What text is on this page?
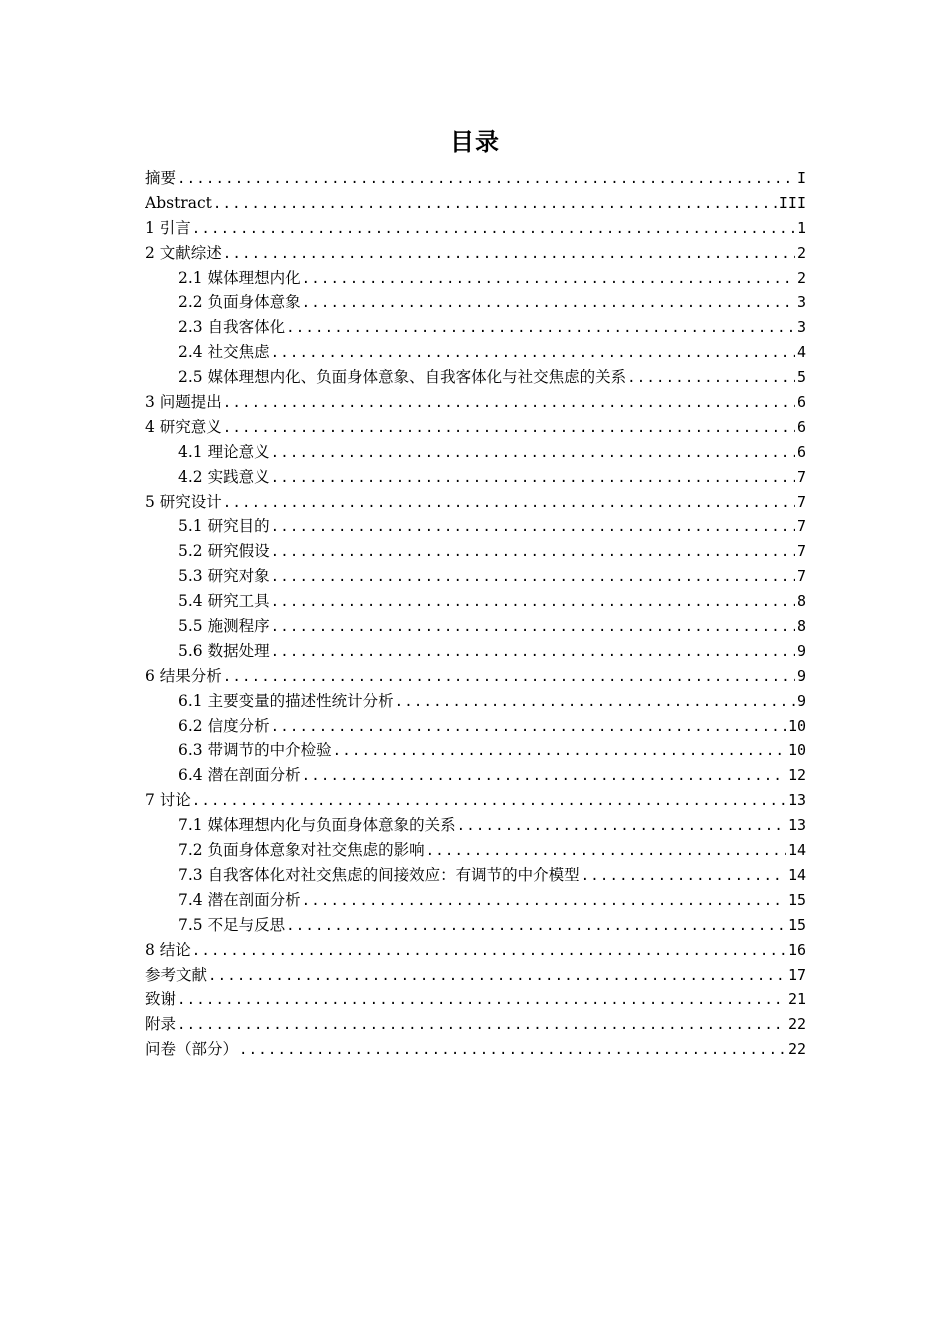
目录
摘要 .....	I
Abstract .....	III
1 引言 .....	1
2 文献综述 .....	2
2.1 媒体理想内化 .....	2
2.2 负面身体意象 .....	3
2.3 自我客体化 .....	3
2.4 社交焦虑 .....	4
2.5 媒体理想内化、负面身体意象、自我客体化与社交焦虑的关系 .....	5
3 问题提出 .....	6
4 研究意义 .....	6
4.1 理论意义 .....	6
4.2 实践意义 .....	7
5 研究设计 .....	7
5.1 研究目的 .....	7
5.2 研究假设 .....	7
5.3 研究对象 .....	7
5.4 研究工具 .....	8
5.5 施测程序 .....	8
5.6 数据处理 .....	9
6 结果分析 .....	9
6.1 主要变量的描述性统计分析 .....	9
6.2 信度分析 .....	10
6.3 带调节的中介检验 .....	10
6.4 潜在剖面分析 .....	12
7 讨论 .....	13
7.1 媒体理想内化与负面身体意象的关系 .....	13
7.2 负面身体意象对社交焦虑的影响 .....	14
7.3 自我客体化对社交焦虑的间接效应：有调节的中介模型 .....	14
7.4 潜在剖面分析 .....	15
7.5 不足与反思 .....	15
8 结论 .....	16
参考文献 .....	17
致谢 .....	21
附录 .....	22
问卷（部分） .....	22
